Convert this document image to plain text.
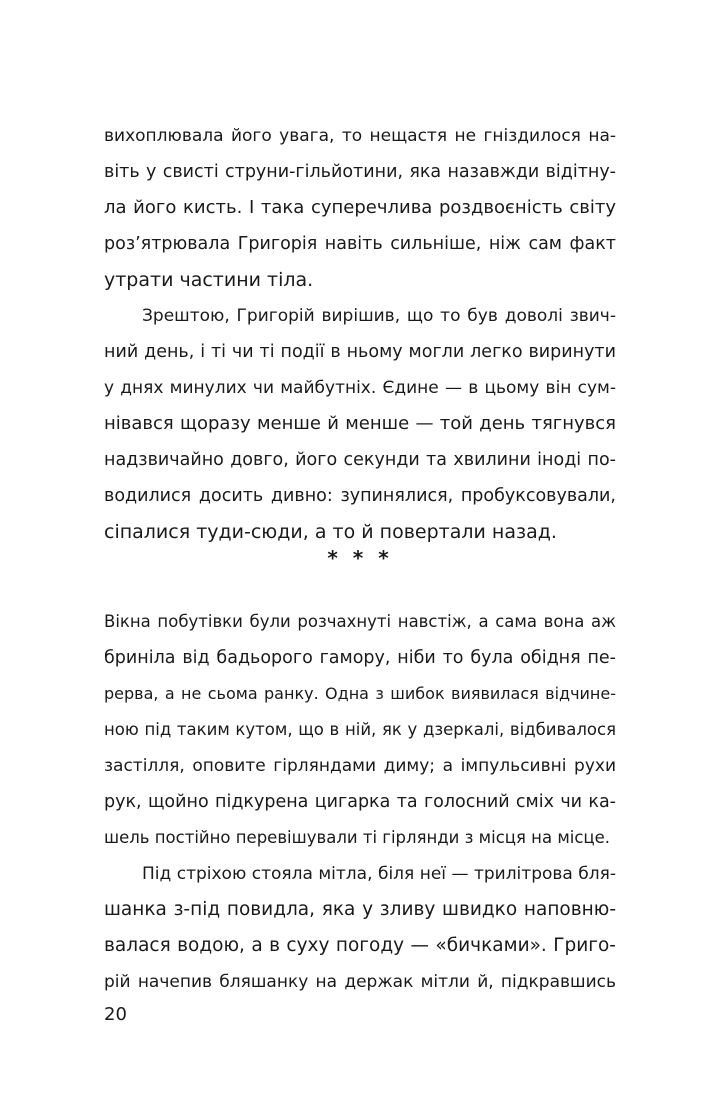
вихоплювала його увага, то нещастя не гніздилося на-
віть у свисті струни-гільйотини, яка назавжди відітну-
ла його кисть. І така суперечлива роздвоєність світу
роз’ятрювала Григорія навіть сильніше, ніж сам факт
утрати частини тіла.
Зрештою, Григорій вирішив, що то був доволі звич-
ний день, і ті чи ті події в ньому могли легко виринути
у днях минулих чи майбутніх. Єдине — в цьому він сум-
нівався щоразу менше й менше — той день тягнувся
надзвичайно довго, його секунди та хвилини іноді по-
водилися досить дивно: зупинялися, пробуксовували,
сіпалися туди-сюди, а то й повертали назад.
* * *
Вікна побутівки були розчахнуті навстіж, а сама вона аж
бриніла від бадьорого гамору, ніби то була обідня пе-
рерва, а не сьома ранку. Одна з шибок виявилася відчине-
ною під таким кутом, що в ній, як у дзеркалі, відбивалося
застілля, оповите гірляндами диму; а імпульсивні рухи
рук, щойно підкурена цигарка та голосний сміх чи ка-
шель постійно перевішували ті гірлянди з місця на місце.
Під стріхою стояла мітла, біля неї — трилітрова бля-
шанка з-під повидла, яка у зливу швидко наповню-
валася водою, а в суху погоду — «бичками». Григо-
рій начепив бляшанку на держак мітли й, підкравшись
20
